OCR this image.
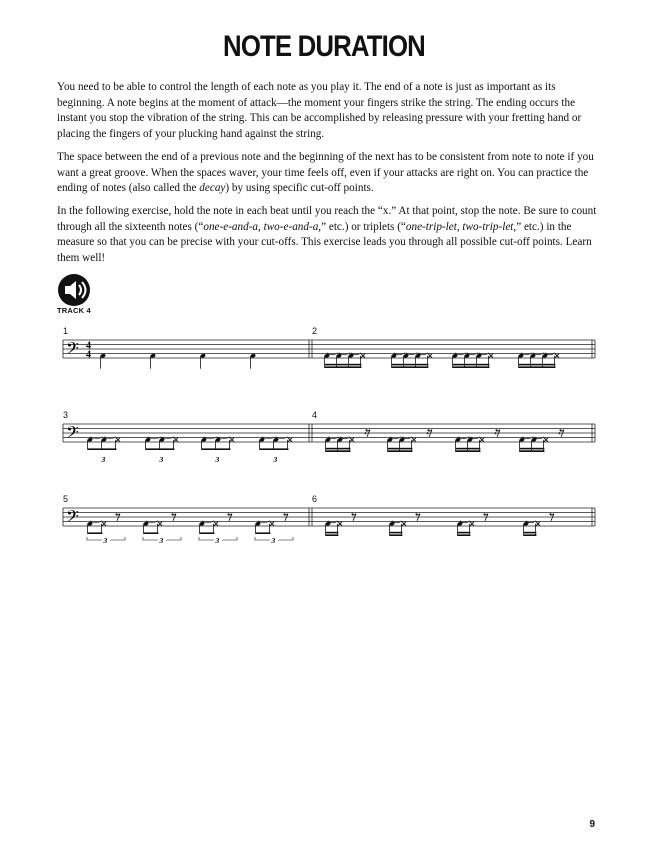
NOTE DURATION

You need to be able to control the length of each note as you play it. The end of a note is just as important as its beginning. A note begins at the moment of attack—the moment your fingers strike the string. The ending occurs the instant you stop the vibration of the string. This can be accomplished by releasing pressure with your fretting hand or placing the fingers of your plucking hand against the string.

The space between the end of a previous note and the beginning of the next has to be consistent from note to note if you want a great groove. When the spaces waver, your time feels off, even if your attacks are right on. You can practice the ending of notes (also called the decay) by using specific cut-off points.

In the following exercise, hold the note in each beat until you reach the “x.” At that point, stop the note. Be sure to count through all the sixteenth notes (“one-e-and-a, two-e-and-a,” etc.) or triplets (“one-trip-let, two-trip-let,” etc.) in the measure so that you can be precise with your cut-offs. This exercise leads you through all possible cut-off points. Learn them well!

TRACK 4
1	2
3	4
5	6
𝄢
𝄢
𝄢
4
4
3	3	3	3
3	3	3	3
9
